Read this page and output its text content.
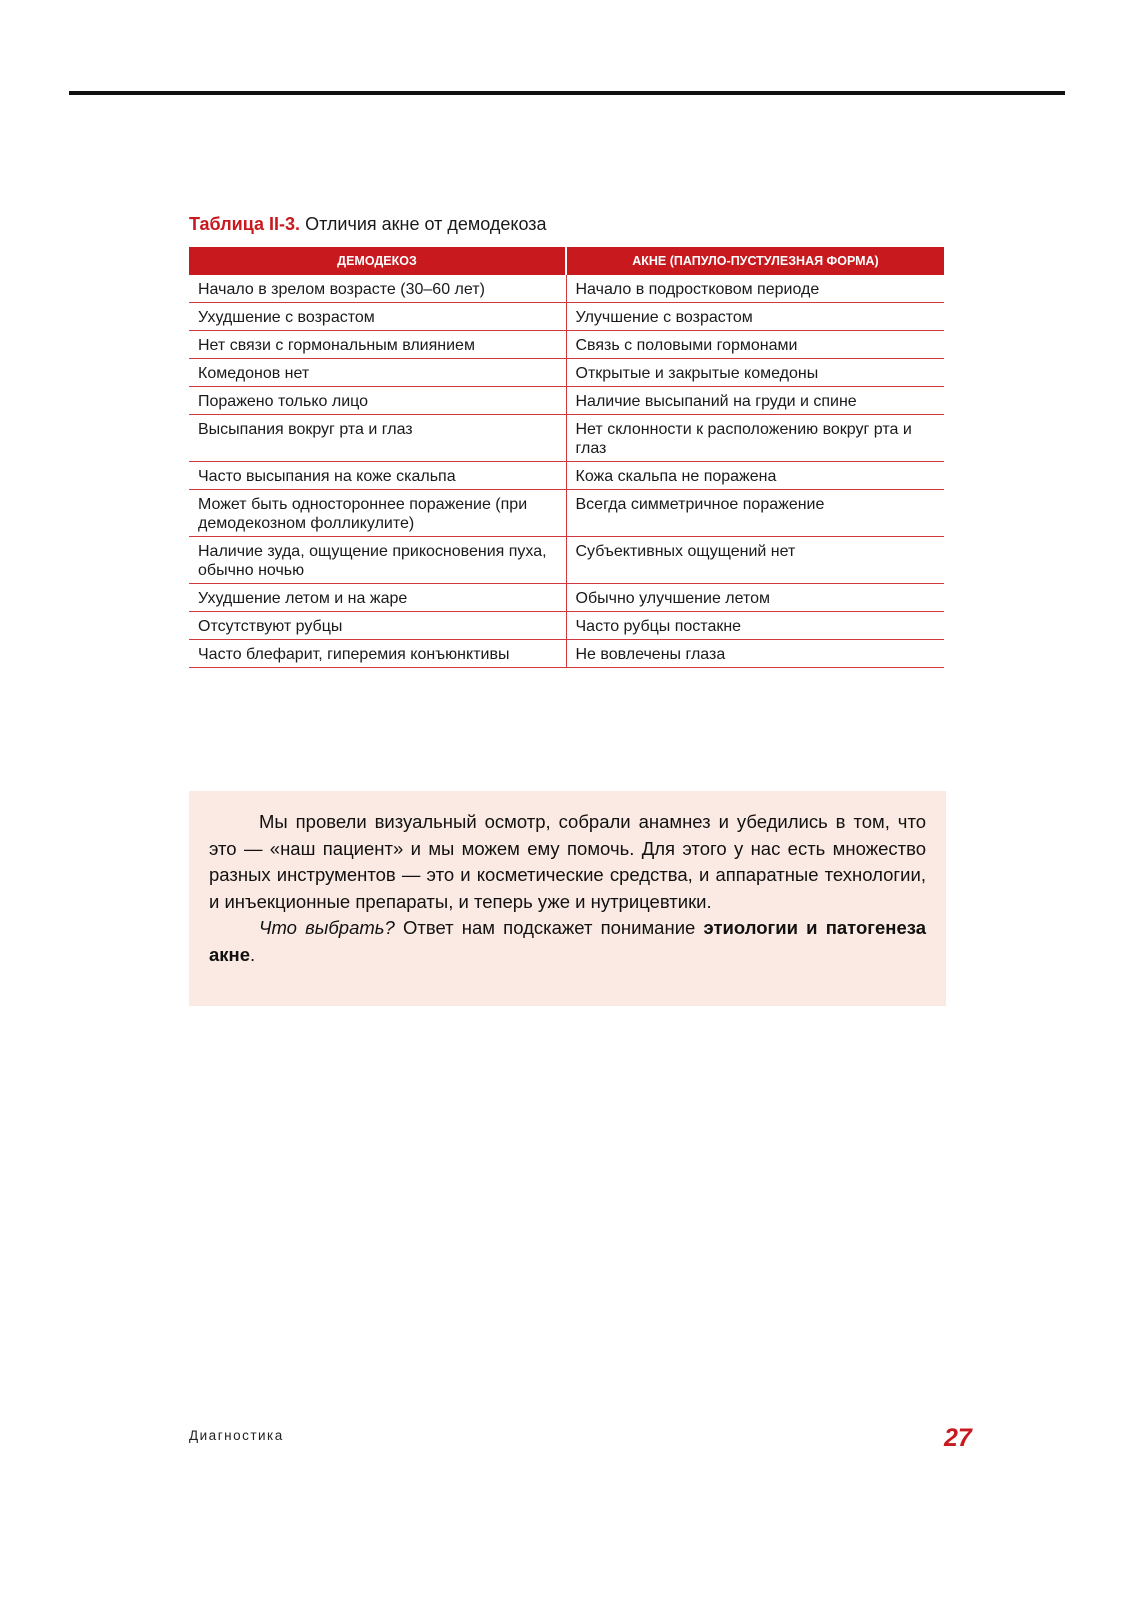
Таблица II-3. Отличия акне от демодекоза
ДЕМОДЕКОЗ	АКНЕ (ПАПУЛО-ПУСТУЛЕЗНАЯ ФОРМА)
Начало в зрелом возрасте (30–60 лет)	Начало в подростковом периоде
Ухудшение с возрастом	Улучшение с возрастом
Нет связи с гормональным влиянием	Связь с половыми гормонами
Комедонов нет	Открытые и закрытые комедоны
Поражено только лицо	Наличие высыпаний на груди и спине
Высыпания вокруг рта и глаз	Нет склонности к расположению вокруг рта и глаз
Часто высыпания на коже скальпа	Кожа скальпа не поражена
Может быть одностороннее поражение (при демодекозном фолликулите)	Всегда симметричное поражение
Наличие зуда, ощущение прикосновения пуха, обычно ночью	Субъективных ощущений нет
Ухудшение летом и на жаре	Обычно улучшение летом
Отсутствуют рубцы	Часто рубцы постакне
Часто блефарит, гиперемия конъюнктивы	Не вовлечены глаза

Мы провели визуальный осмотр, собрали анамнез и убедились в том, что это — «наш пациент» и мы можем ему помочь. Для этого у нас есть множество разных инструментов — это и косметические средства, и аппаратные технологии, и инъекционные препараты, и теперь уже и нутрицевтики.

Что выбрать? Ответ нам подскажет понимание этиологии и патогенеза акне.

Диагностика	27
